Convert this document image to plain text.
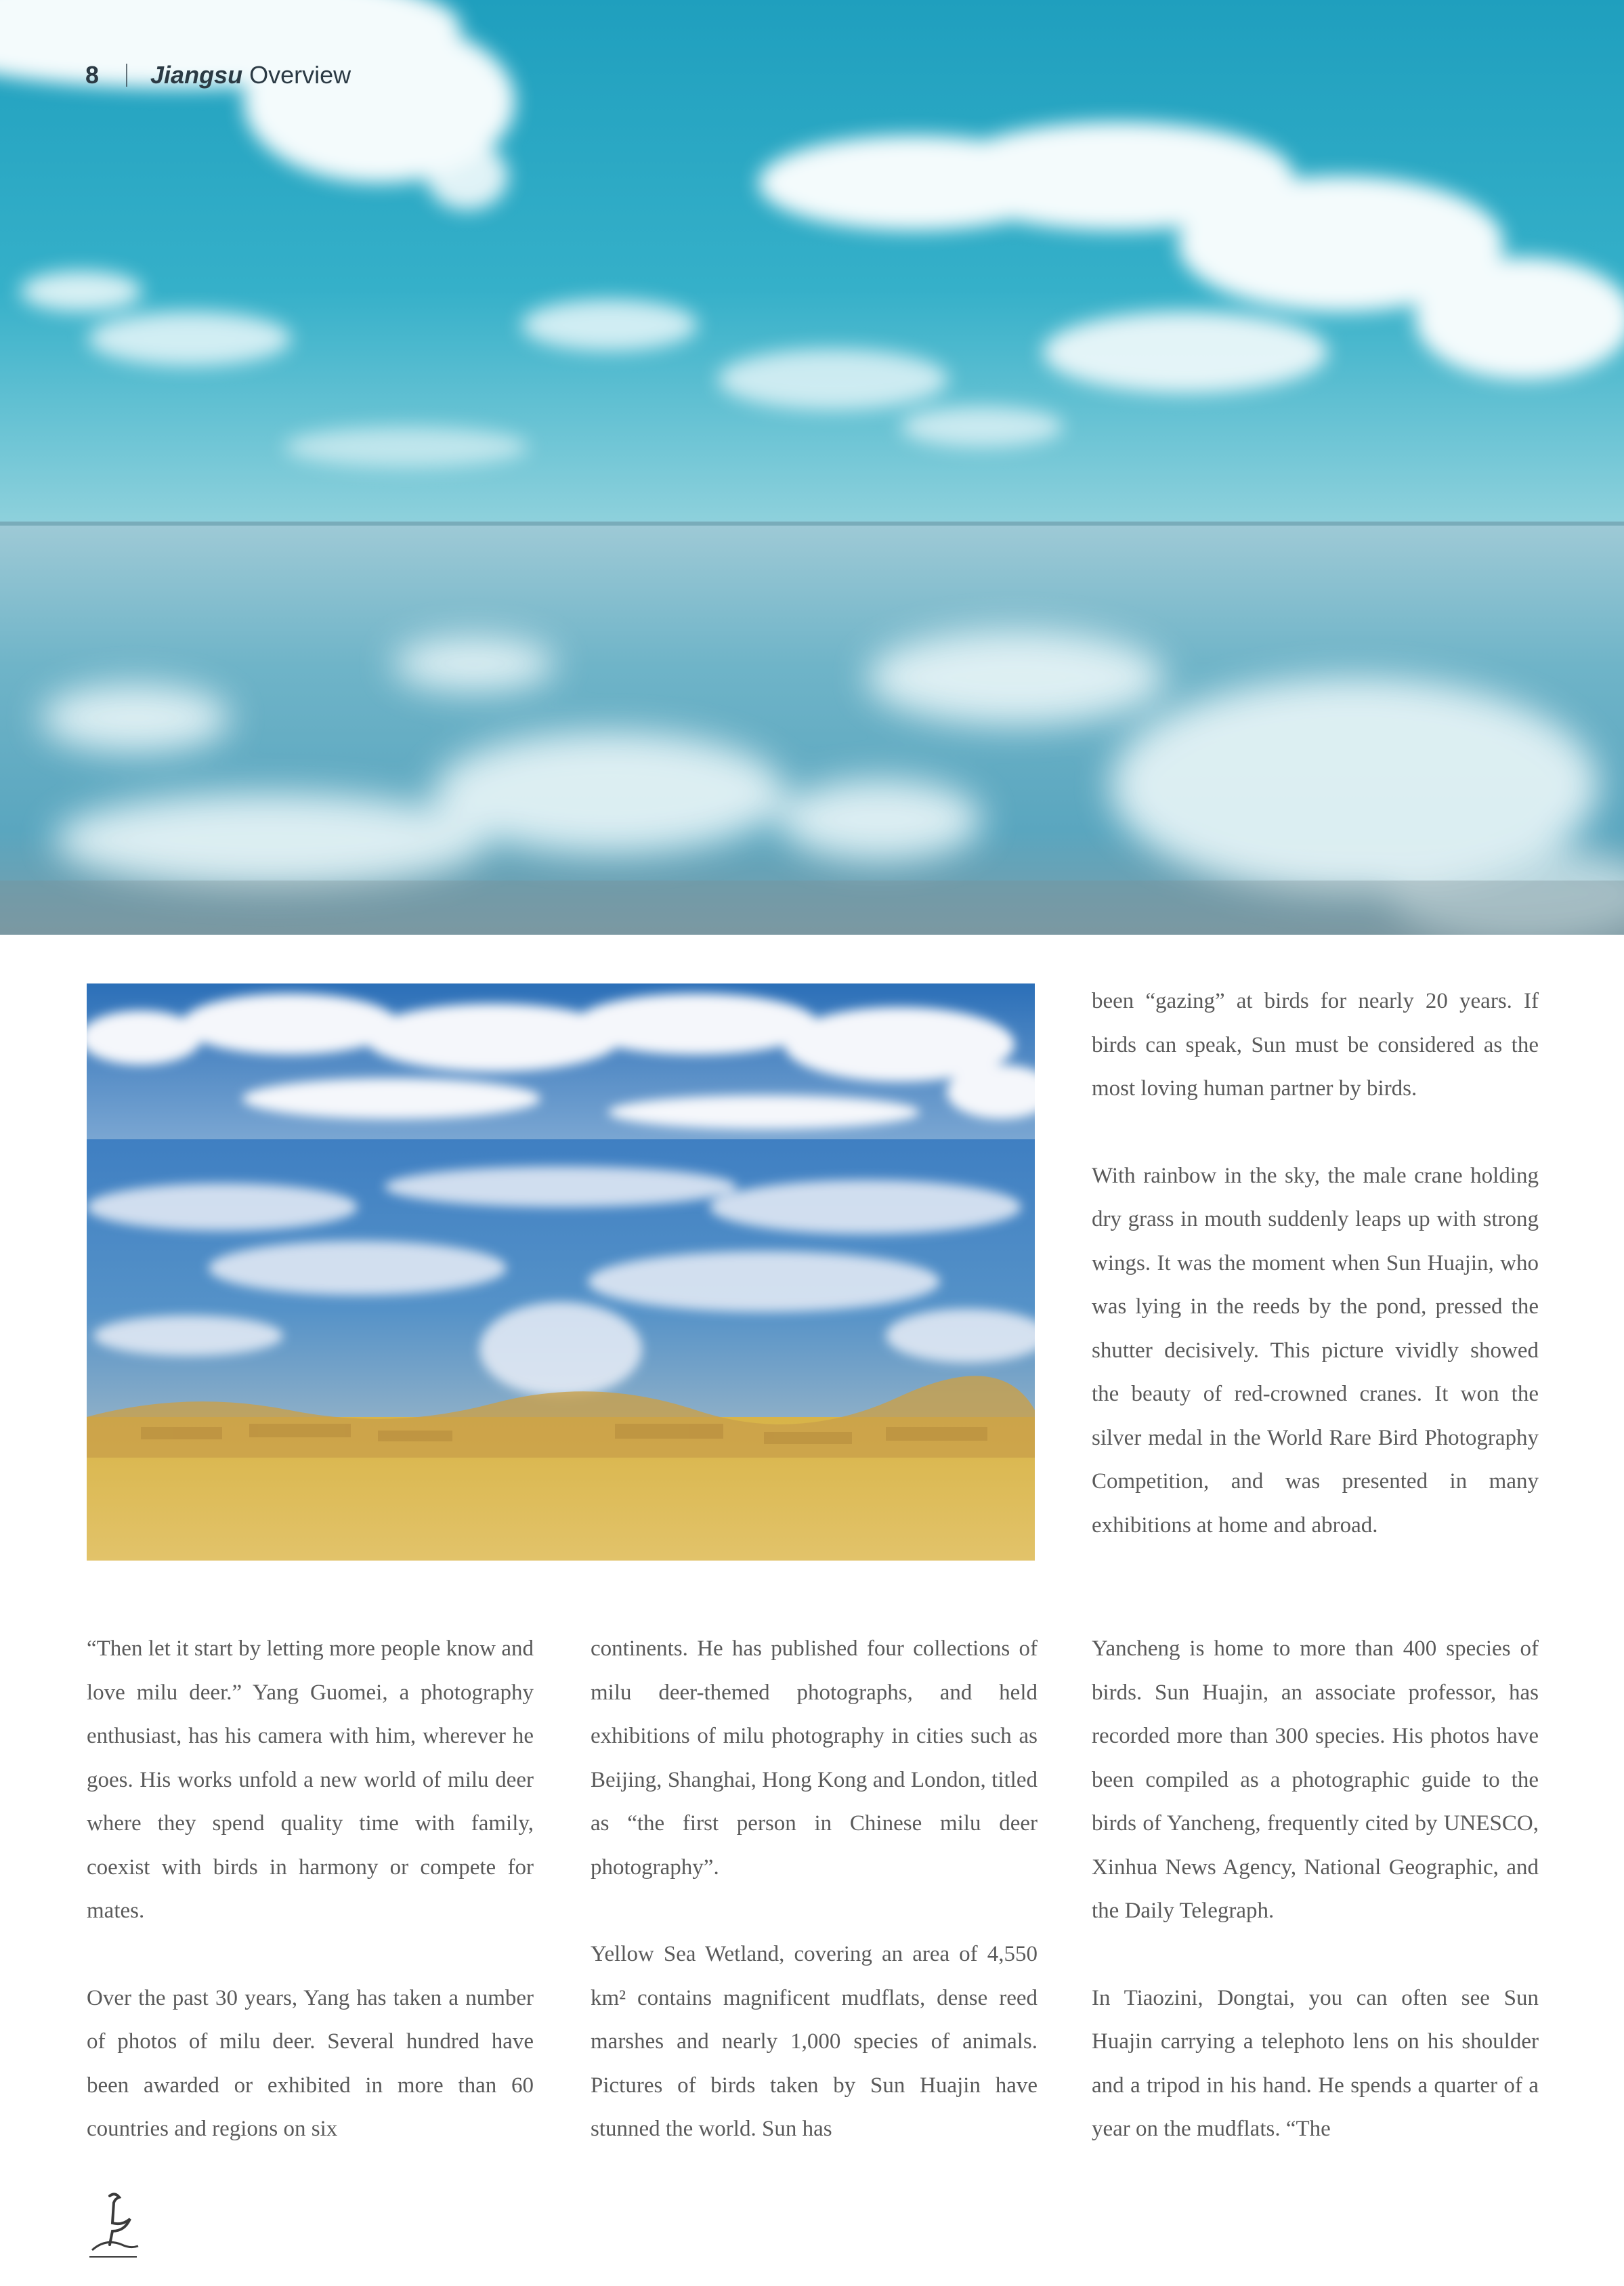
8 Jiangsu Overview

been “gazing” at birds for nearly 20 years. If birds can speak, Sun must be considered as the most loving human partner by birds.

With rainbow in the sky, the male crane holding dry grass in mouth suddenly leaps up with strong wings. It was the moment when Sun Huajin, who was lying in the reeds by the pond, pressed the shutter decisively. This picture vividly showed the beauty of red-crowned cranes. It won the silver medal in the World Rare Bird Photography Competition, and was presented in many exhibitions at home and abroad.

“Then let it start by letting more people know and love milu deer.” Yang Guomei, a photography enthusiast, has his camera with him, wherever he goes. His works unfold a new world of milu deer where they spend quality time with family, coexist with birds in harmony or compete for mates.

Over the past 30 years, Yang has taken a number of photos of milu deer. Several hundred have been awarded or exhibited in more than 60 countries and regions on six

continents. He has published four collections of milu deer-themed photographs, and held exhibitions of milu photography in cities such as Beijing, Shanghai, Hong Kong and London, titled as “the first person in Chinese milu deer photography”.

Yellow Sea Wetland, covering an area of 4,550 km² contains magnificent mudflats, dense reed marshes and nearly 1,000 species of animals. Pictures of birds taken by Sun Huajin have stunned the world. Sun has

Yancheng is home to more than 400 species of birds. Sun Huajin, an associate professor, has recorded more than 300 species. His photos have been compiled as a photographic guide to the birds of Yancheng, frequently cited by UNESCO, Xinhua News Agency, National Geographic, and the Daily Telegraph.

In Tiaozini, Dongtai, you can often see Sun Huajin carrying a telephoto lens on his shoulder and a tripod in his hand. He spends a quarter of a year on the mudflats. “The
